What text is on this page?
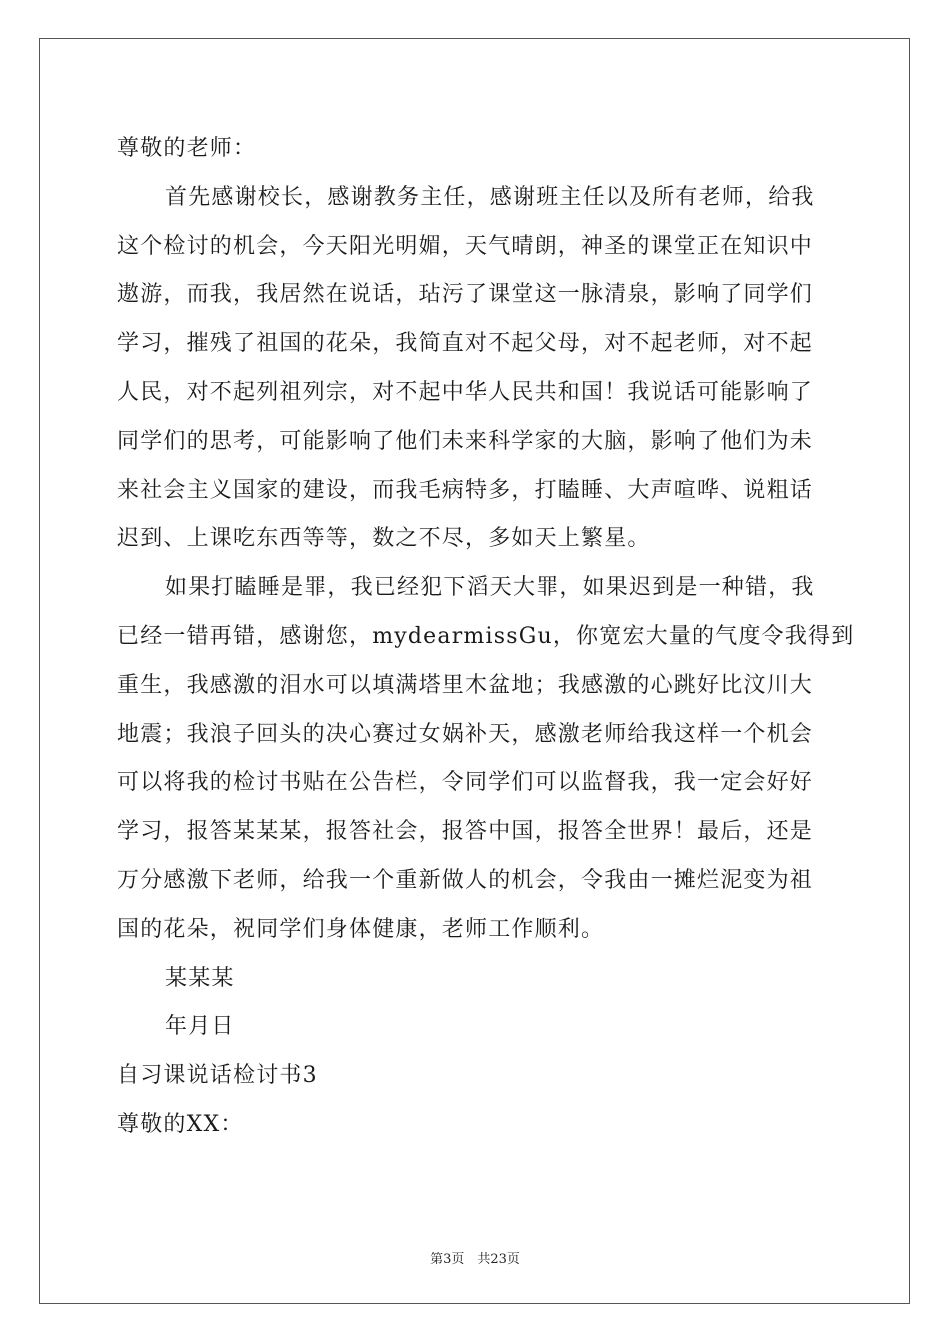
尊敬的老师：
首先感谢校长，感谢教务主任，感谢班主任以及所有老师，给我
这个检讨的机会，今天阳光明媚，天气晴朗，神圣的课堂正在知识中
遨游，而我，我居然在说话，玷污了课堂这一脉清泉，影响了同学们
学习，摧残了祖国的花朵，我简直对不起父母，对不起老师，对不起
人民，对不起列祖列宗，对不起中华人民共和国！我说话可能影响了
同学们的思考，可能影响了他们未来科学家的大脑，影响了他们为未
来社会主义国家的建设，而我毛病特多，打瞌睡、大声喧哗、说粗话
迟到、上课吃东西等等，数之不尽，多如天上繁星。
如果打瞌睡是罪，我已经犯下滔天大罪，如果迟到是一种错，我
已经一错再错，感谢您，mydearmissGu，你宽宏大量的气度令我得到
重生，我感激的泪水可以填满塔里木盆地；我感激的心跳好比汶川大
地震；我浪子回头的决心赛过女娲补天，感激老师给我这样一个机会
可以将我的检讨书贴在公告栏，令同学们可以监督我，我一定会好好
学习，报答某某某，报答社会，报答中国，报答全世界！最后，还是
万分感激下老师，给我一个重新做人的机会，令我由一摊烂泥变为祖
国的花朵，祝同学们身体健康，老师工作顺利。
某某某
年月日
自习课说话检讨书3
尊敬的XX：
第3页　共23页
